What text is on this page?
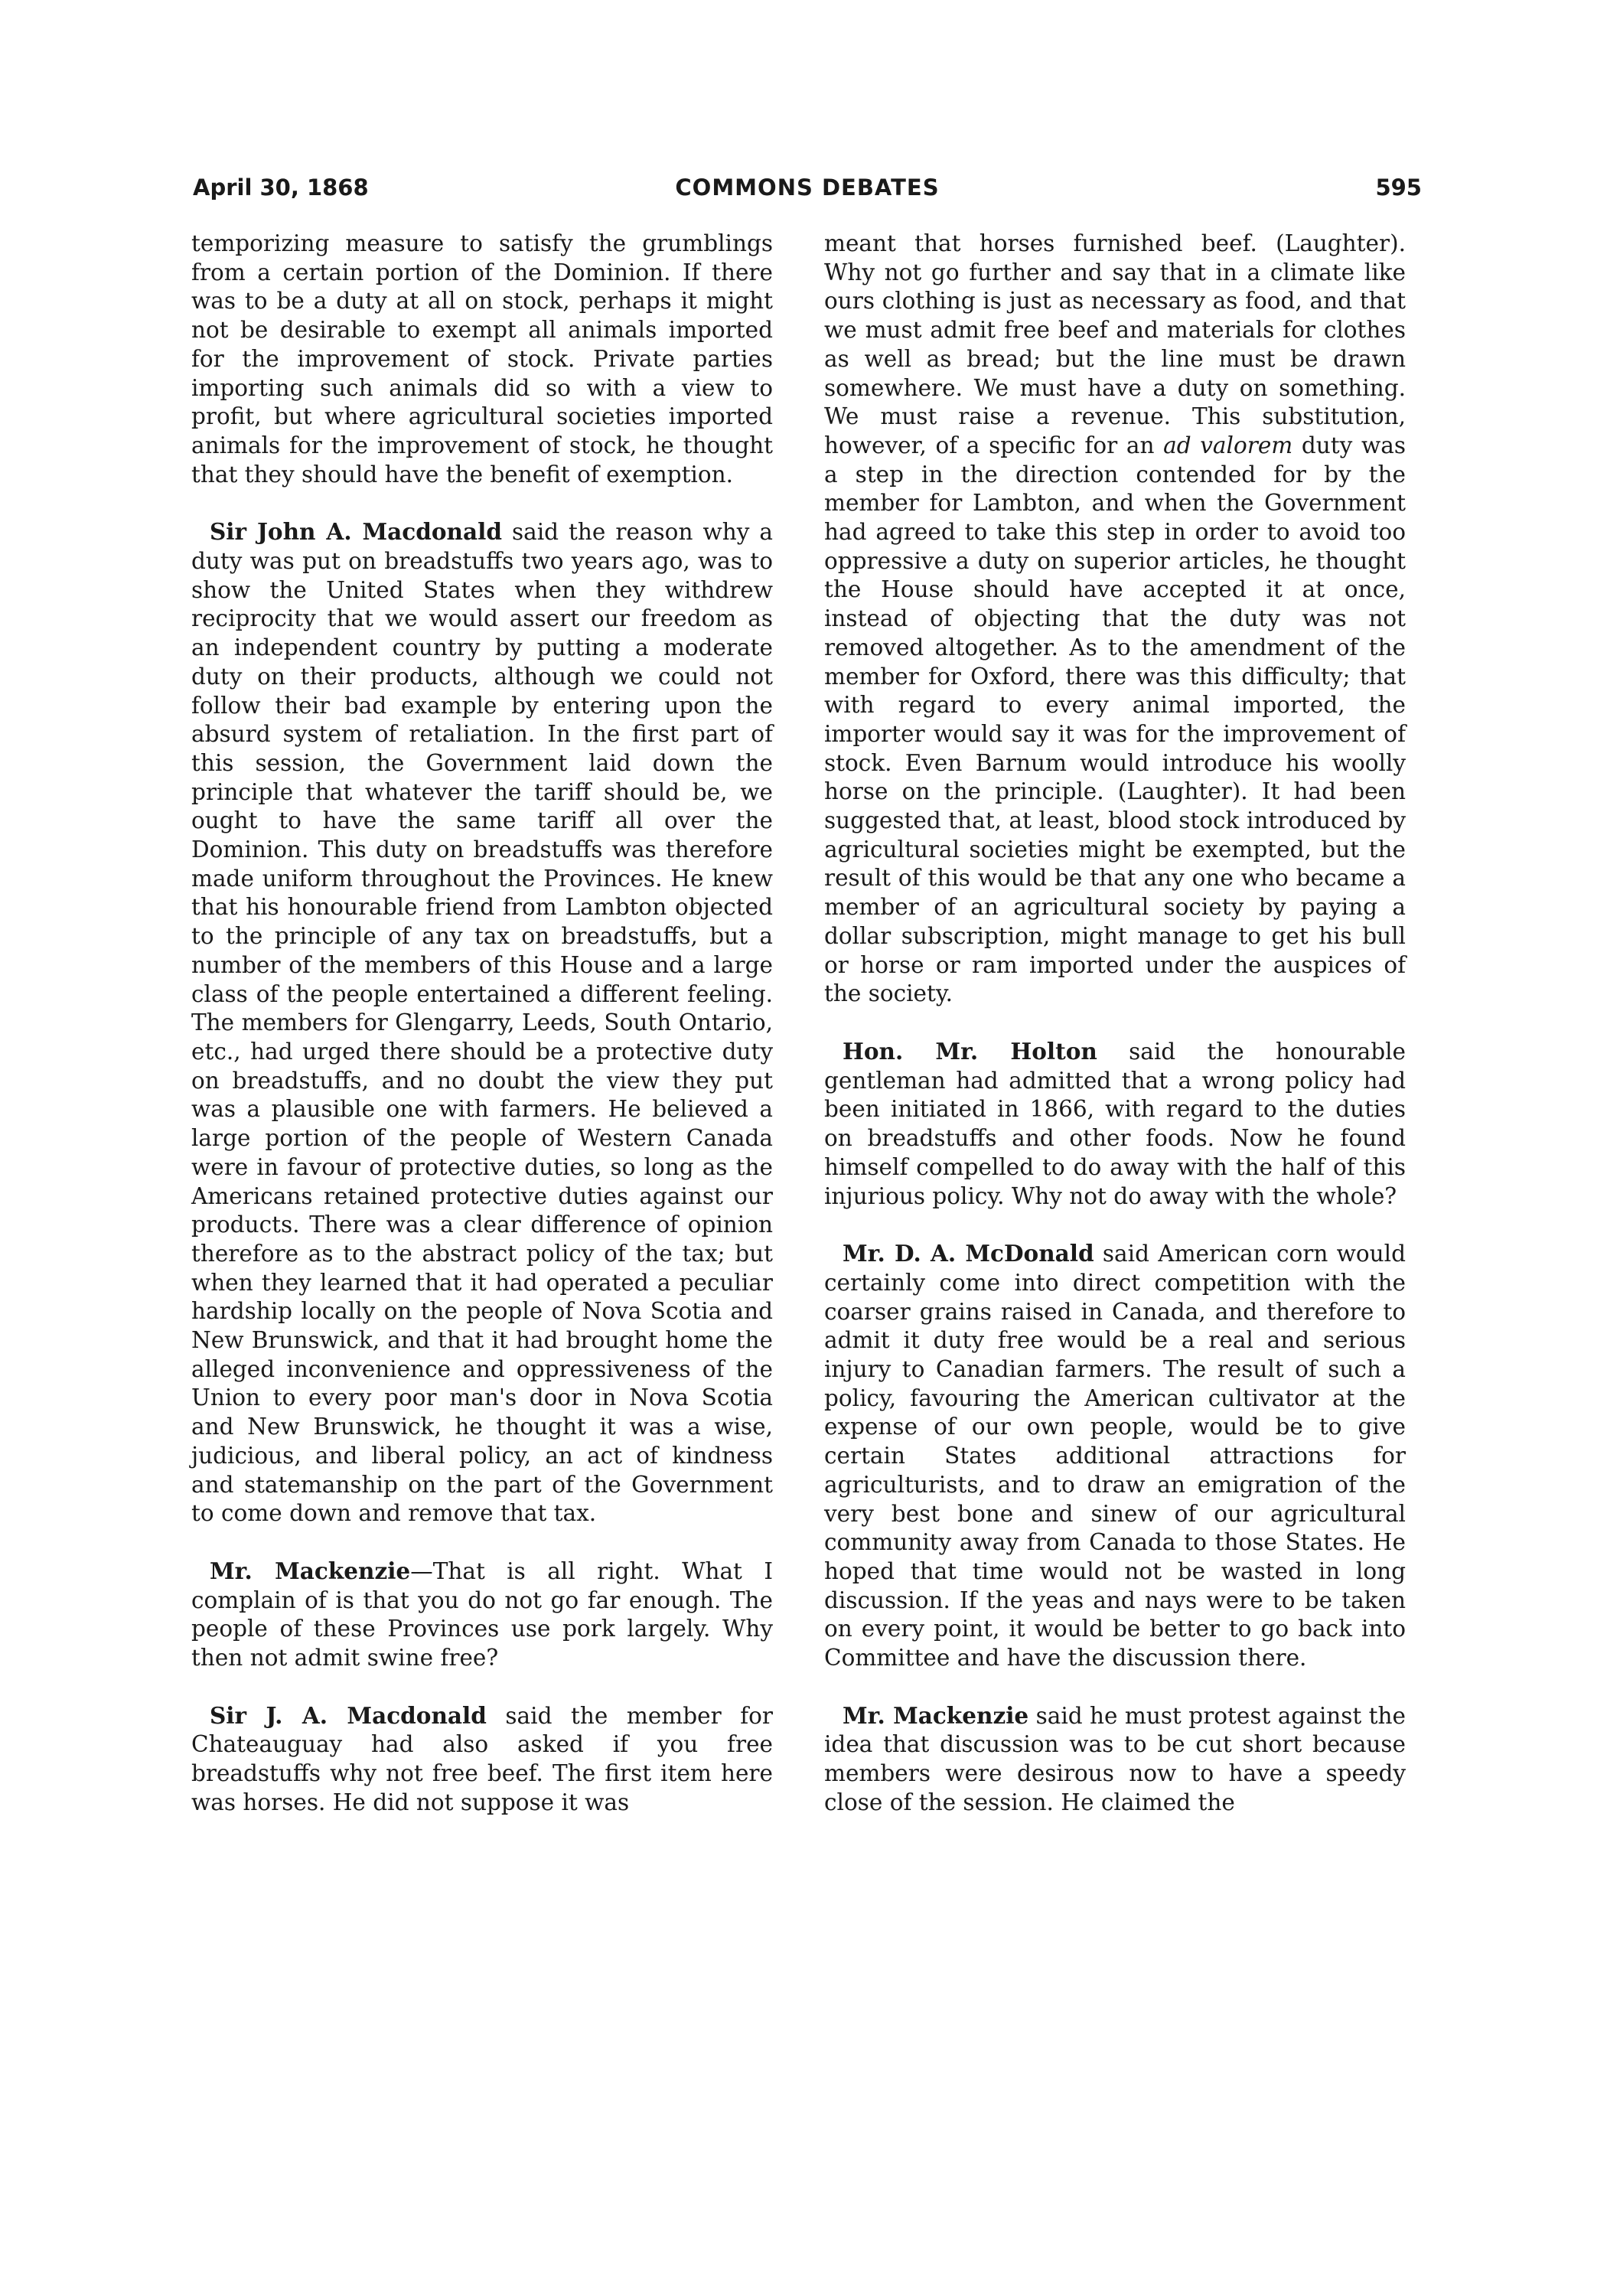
April 30, 1868	COMMONS DEBATES	595

temporizing measure to satisfy the grumblings from a certain portion of the Dominion. If there was to be a duty at all on stock, perhaps it might not be desirable to exempt all animals imported for the improvement of stock. Private parties importing such animals did so with a view to profit, but where agricultural societies imported animals for the improvement of stock, he thought that they should have the benefit of exemption.

Sir John A. Macdonald said the reason why a duty was put on breadstuffs two years ago, was to show the United States when they withdrew reciprocity that we would assert our freedom as an independent country by putting a moderate duty on their products, although we could not follow their bad example by entering upon the absurd system of retaliation. In the first part of this session, the Government laid down the principle that whatever the tariff should be, we ought to have the same tariff all over the Dominion. This duty on breadstuffs was therefore made uniform throughout the Provinces. He knew that his honourable friend from Lambton objected to the principle of any tax on breadstuffs, but a number of the members of this House and a large class of the people entertained a different feeling. The members for Glengarry, Leeds, South Ontario, etc., had urged there should be a protective duty on breadstuffs, and no doubt the view they put was a plausible one with farmers. He believed a large portion of the people of Western Canada were in favour of protective duties, so long as the Americans retained protective duties against our products. There was a clear difference of opinion therefore as to the abstract policy of the tax; but when they learned that it had operated a peculiar hardship locally on the people of Nova Scotia and New Brunswick, and that it had brought home the alleged inconvenience and oppressiveness of the Union to every poor man's door in Nova Scotia and New Brunswick, he thought it was a wise, judicious, and liberal policy, an act of kindness and statemanship on the part of the Government to come down and remove that tax.

Mr. Mackenzie—That is all right. What I complain of is that you do not go far enough. The people of these Provinces use pork largely. Why then not admit swine free?

Sir J. A. Macdonald said the member for Chateauguay had also asked if you free breadstuffs why not free beef. The first item here was horses. He did not suppose it was

meant that horses furnished beef. (Laughter). Why not go further and say that in a climate like ours clothing is just as necessary as food, and that we must admit free beef and materials for clothes as well as bread; but the line must be drawn somewhere. We must have a duty on something. We must raise a revenue. This substitution, however, of a specific for an ad valorem duty was a step in the direction contended for by the member for Lambton, and when the Government had agreed to take this step in order to avoid too oppressive a duty on superior articles, he thought the House should have accepted it at once, instead of objecting that the duty was not removed altogether. As to the amendment of the member for Oxford, there was this difficulty; that with regard to every animal imported, the importer would say it was for the improvement of stock. Even Barnum would introduce his woolly horse on the principle. (Laughter). It had been suggested that, at least, blood stock introduced by agricultural societies might be exempted, but the result of this would be that any one who became a member of an agricultural society by paying a dollar subscription, might manage to get his bull or horse or ram imported under the auspices of the society.

Hon. Mr. Holton said the honourable gentleman had admitted that a wrong policy had been initiated in 1866, with regard to the duties on breadstuffs and other foods. Now he found himself compelled to do away with the half of this injurious policy. Why not do away with the whole?

Mr. D. A. McDonald said American corn would certainly come into direct competition with the coarser grains raised in Canada, and therefore to admit it duty free would be a real and serious injury to Canadian farmers. The result of such a policy, favouring the American cultivator at the expense of our own people, would be to give certain States additional attractions for agriculturists, and to draw an emigration of the very best bone and sinew of our agricultural community away from Canada to those States. He hoped that time would not be wasted in long discussion. If the yeas and nays were to be taken on every point, it would be better to go back into Committee and have the discussion there.

Mr. Mackenzie said he must protest against the idea that discussion was to be cut short because members were desirous now to have a speedy close of the session. He claimed the
